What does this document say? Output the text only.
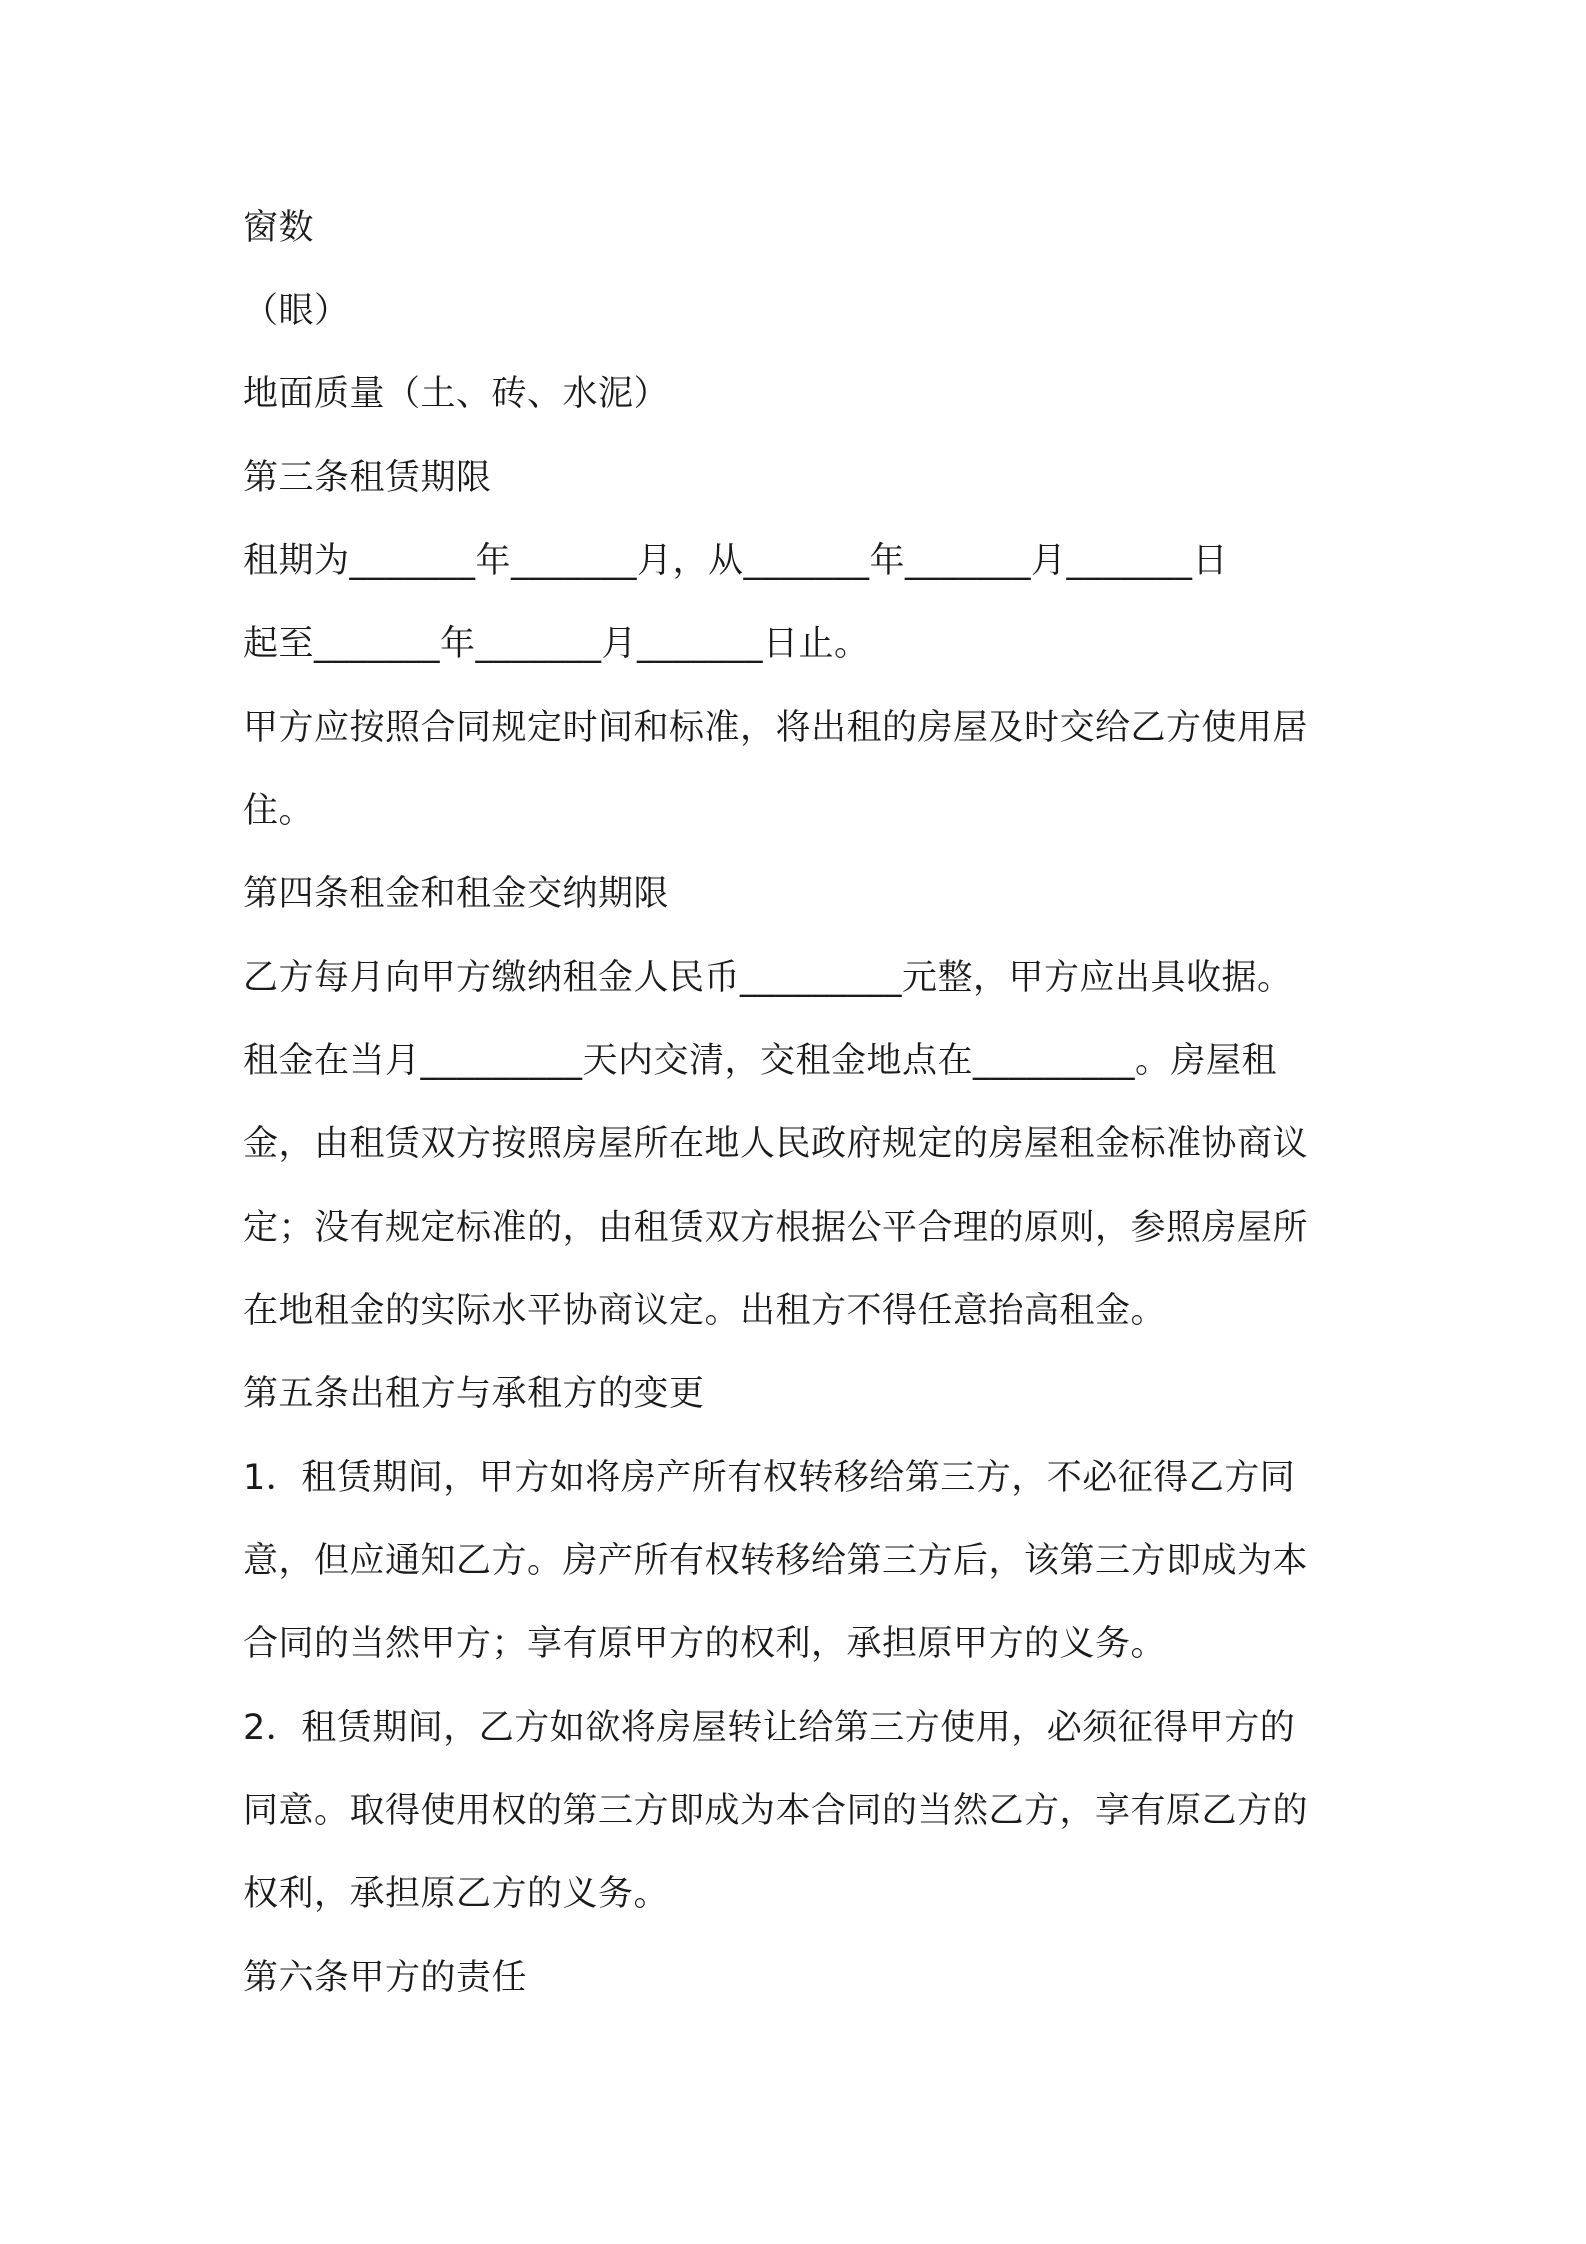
窗数
（眼）
地面质量（土、砖、水泥）
第三条租赁期限
租期为_______年_______月，从_______年_______月_______日
起至_______年_______月_______日止。
甲方应按照合同规定时间和标准，将出租的房屋及时交给乙方使用居
住。
第四条租金和租金交纳期限
乙方每月向甲方缴纳租金人民币_________元整，甲方应出具收据。
租金在当月_________天内交清，交租金地点在_________。房屋租
金，由租赁双方按照房屋所在地人民政府规定的房屋租金标准协商议
定；没有规定标准的，由租赁双方根据公平合理的原则，参照房屋所
在地租金的实际水平协商议定。出租方不得任意抬高租金。
第五条出租方与承租方的变更
1．租赁期间，甲方如将房产所有权转移给第三方，不必征得乙方同
意，但应通知乙方。房产所有权转移给第三方后，该第三方即成为本
合同的当然甲方；享有原甲方的权利，承担原甲方的义务。
2．租赁期间，乙方如欲将房屋转让给第三方使用，必须征得甲方的
同意。取得使用权的第三方即成为本合同的当然乙方，享有原乙方的
权利，承担原乙方的义务。
第六条甲方的责任
